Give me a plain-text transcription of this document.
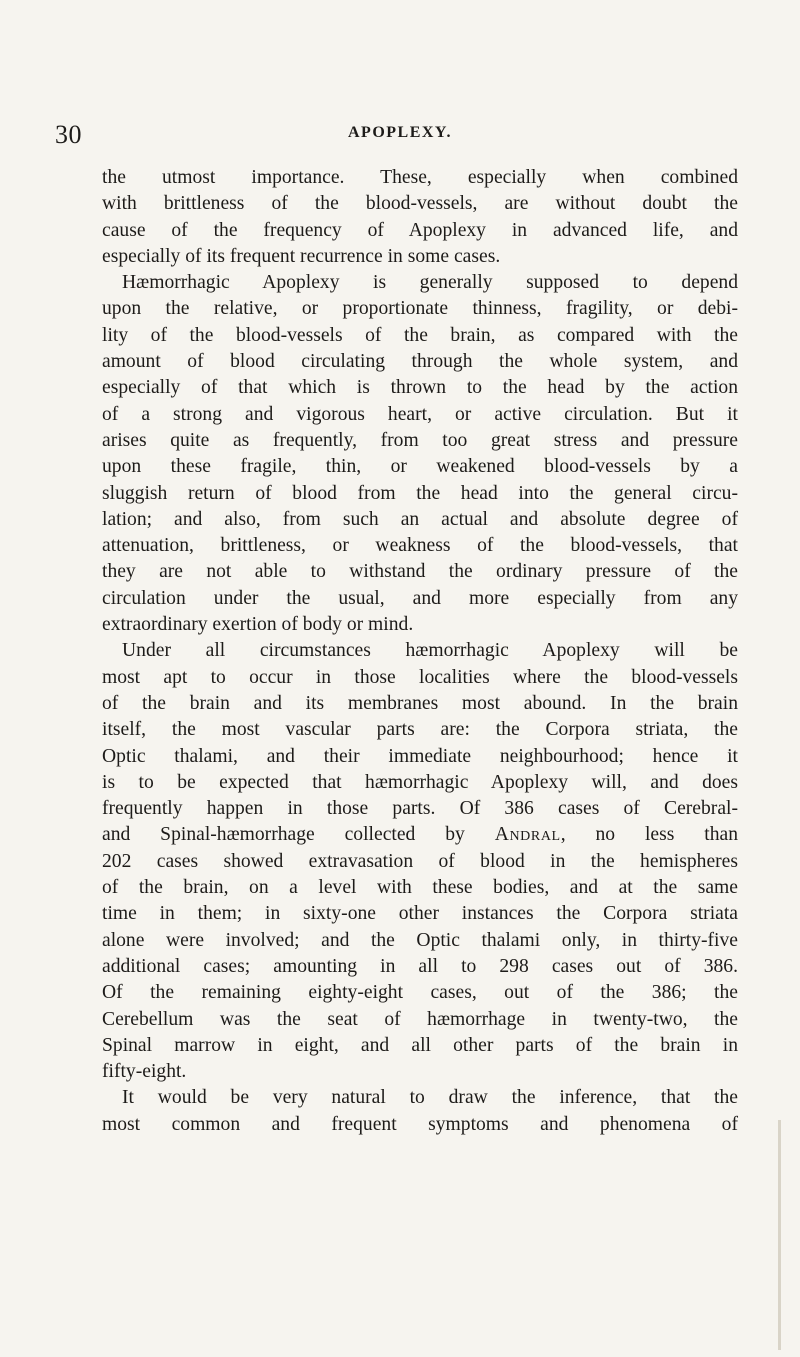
30	APOPLEXY.
the utmost importance. These, especially when combined
with brittleness of the blood-vessels, are without doubt the
cause of the frequency of Apoplexy in advanced life, and
especially of its frequent recurrence in some cases.
Hæmorrhagic Apoplexy is generally supposed to depend
upon the relative, or proportionate thinness, fragility, or debi-
lity of the blood-vessels of the brain, as compared with the
amount of blood circulating through the whole system, and
especially of that which is thrown to the head by the action
of a strong and vigorous heart, or active circulation. But it
arises quite as frequently, from too great stress and pressure
upon these fragile, thin, or weakened blood-vessels by a
sluggish return of blood from the head into the general circu-
lation; and also, from such an actual and absolute degree of
attenuation, brittleness, or weakness of the blood-vessels, that
they are not able to withstand the ordinary pressure of the
circulation under the usual, and more especially from any
extraordinary exertion of body or mind.
Under all circumstances hæmorrhagic Apoplexy will be
most apt to occur in those localities where the blood-vessels
of the brain and its membranes most abound. In the brain
itself, the most vascular parts are: the Corpora striata, the
Optic thalami, and their immediate neighbourhood; hence it
is to be expected that hæmorrhagic Apoplexy will, and does
frequently happen in those parts. Of 386 cases of Cerebral-
and Spinal-hæmorrhage collected by Andral, no less than
202 cases showed extravasation of blood in the hemispheres
of the brain, on a level with these bodies, and at the same
time in them; in sixty-one other instances the Corpora striata
alone were involved; and the Optic thalami only, in thirty-five
additional cases; amounting in all to 298 cases out of 386.
Of the remaining eighty-eight cases, out of the 386; the
Cerebellum was the seat of hæmorrhage in twenty-two, the
Spinal marrow in eight, and all other parts of the brain in
fifty-eight.
It would be very natural to draw the inference, that the
most common and frequent symptoms and phenomena of
